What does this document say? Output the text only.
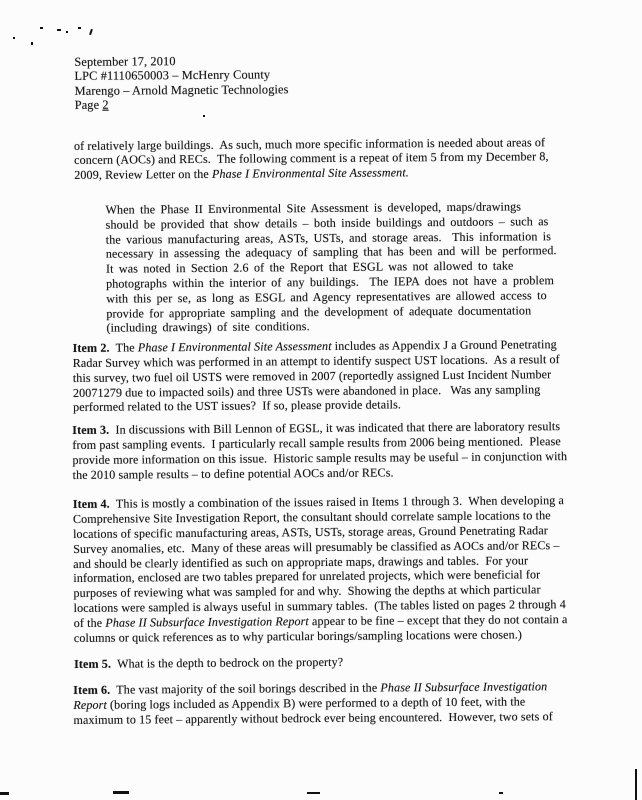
September 17, 2010
LPC #1110650003 – McHenry County
Marengo – Arnold Magnetic Technologies
Page 2
of relatively large buildings.  As such, much more specific information is needed about areas of
concern (AOCs) and RECs.  The following comment is a repeat of item 5 from my December 8,
2009, Review Letter on the Phase I Environmental Site Assessment.
When the Phase II Environmental Site Assessment is developed, maps/drawings
should be provided that show details – both inside buildings and outdoors – such as
the various manufacturing areas, ASTs, USTs, and storage areas.  This information is
necessary in assessing the adequacy of sampling that has been and will be performed.
It was noted in Section 2.6 of the Report that ESGL was not allowed to take
photographs within the interior of any buildings.  The IEPA does not have a problem
with this per se, as long as ESGL and Agency representatives are allowed access to
provide for appropriate sampling and the development of adequate documentation
(including drawings) of site conditions.
Item 2.  The Phase I Environmental Site Assessment includes as Appendix J a Ground Penetrating
Radar Survey which was performed in an attempt to identify suspect UST locations.  As a result of
this survey, two fuel oil USTS were removed in 2007 (reportedly assigned Lust Incident Number
20071279 due to impacted soils) and three USTs were abandoned in place.   Was any sampling
performed related to the UST issues?  If so, please provide details.
Item 3.  In discussions with Bill Lennon of EGSL, it was indicated that there are laboratory results
from past sampling events.  I particularly recall sample results from 2006 being mentioned.  Please
provide more information on this issue.  Historic sample results may be useful – in conjunction with
the 2010 sample results – to define potential AOCs and/or RECs.
Item 4.  This is mostly a combination of the issues raised in Items 1 through 3.  When developing a
Comprehensive Site Investigation Report, the consultant should correlate sample locations to the
locations of specific manufacturing areas, ASTs, USTs, storage areas, Ground Penetrating Radar
Survey anomalies, etc.  Many of these areas will presumably be classified as AOCs and/or RECs –
and should be clearly identified as such on appropriate maps, drawings and tables.  For your
information, enclosed are two tables prepared for unrelated projects, which were beneficial for
purposes of reviewing what was sampled for and why.  Showing the depths at which particular
locations were sampled is always useful in summary tables.  (The tables listed on pages 2 through 4
of the Phase II Subsurface Investigation Report appear to be fine – except that they do not contain a
columns or quick references as to why particular borings/sampling locations were chosen.)
Item 5.  What is the depth to bedrock on the property?
Item 6.  The vast majority of the soil borings described in the Phase II Subsurface Investigation
Report (boring logs included as Appendix B) were performed to a depth of 10 feet, with the
maximum to 15 feet – apparently without bedrock ever being encountered.  However, two sets of
